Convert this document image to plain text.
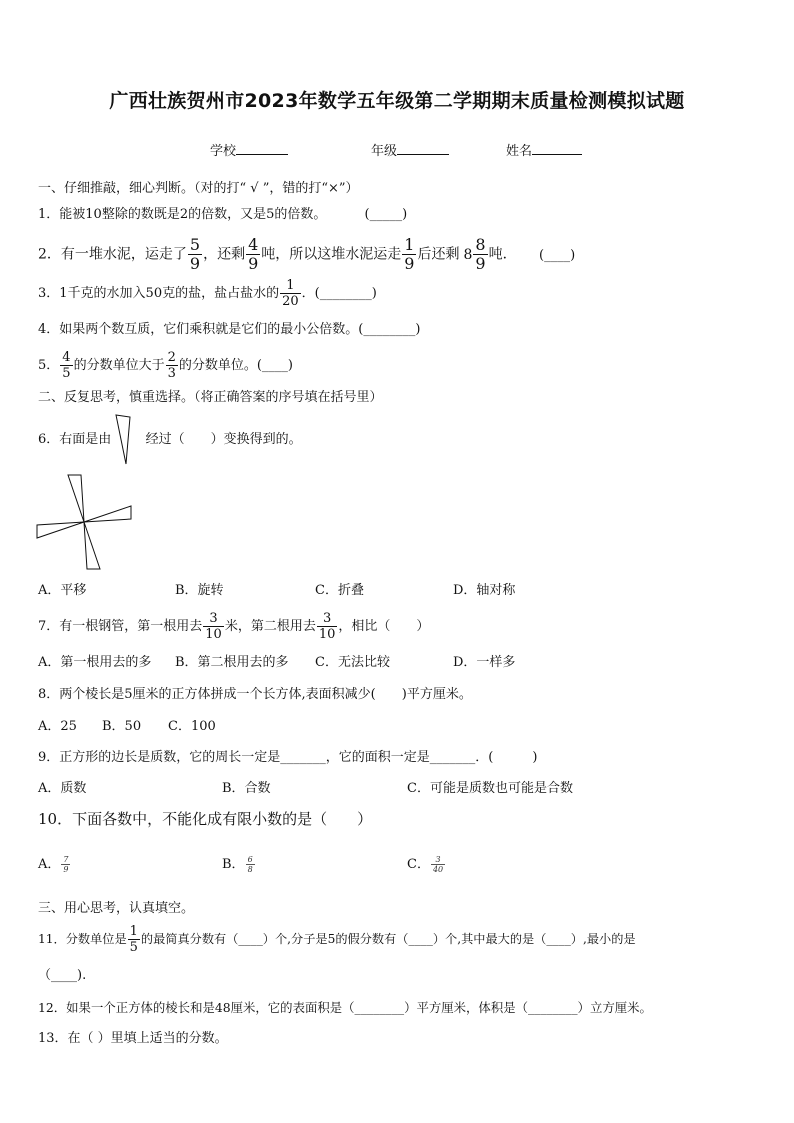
广西壮族贺州市2023年数学五年级第二学期期末质量检测模拟试题
学校	年级	姓名
一、仔细推敲，细心判断。（对的打“ √ ”，错的打“×”）
1．能被10整除的数既是2的倍数，又是5的倍数。	(_____)
2．有一堆水泥，运走了 $\frac{5}{9}$ ，还剩 $\frac{4}{9}$ 吨，所以这堆水泥运走 $\frac{1}{9}$ 后还剩 $8 \frac{8}{9}$ 吨． (____)
3．1千克的水加入50克的盐，盐占盐水的 $\frac{1}{20}$ ．(________)
4．如果两个数互质，它们乘积就是它们的最小公倍数。(________)
5． $\frac{4}{5}$ 的分数单位大于 $\frac{2}{3}$ 的分数单位。(____)
二、反复思考，慎重选择。（将正确答案的序号填在括号里）
6．右面是由	经过（　　）变换得到的。
A．平移	B．旋转	C．折叠	D．轴对称
7．有一根钢管，第一根用去 $\frac{3}{10}$ 米，第二根用去 $\frac{3}{10}$ ，相比（　　）
A．第一根用去的多 B．第二根用去的多 C．无法比较	D．一样多
8．两个棱长是5厘米的正方体拼成一个长方体,表面积减少(　　)平方厘米。
A．25 B．50 C．100
9．正方形的边长是质数，它的周长一定是_______，它的面积一定是_______．(　　　)
A．质数	B．合数	C．可能是质数也可能是合数
10．下面各数中，不能化成有限小数的是（　　）
A． $\frac{7}{9}$	B． $\frac{6}{8}$	C． $\frac{3}{40}$
三、用心思考，认真填空。
11．分数单位是 $\frac{1}{5}$ 的最简真分数有（____）个,分子是5的假分数有（____）个,其中最大的是（____）,最小的是
（____).
12．如果一个正方体的棱长和是48厘米，它的表面积是（________）平方厘米，体积是（________）立方厘米。
13．在（ ）里填上适当的分数。
